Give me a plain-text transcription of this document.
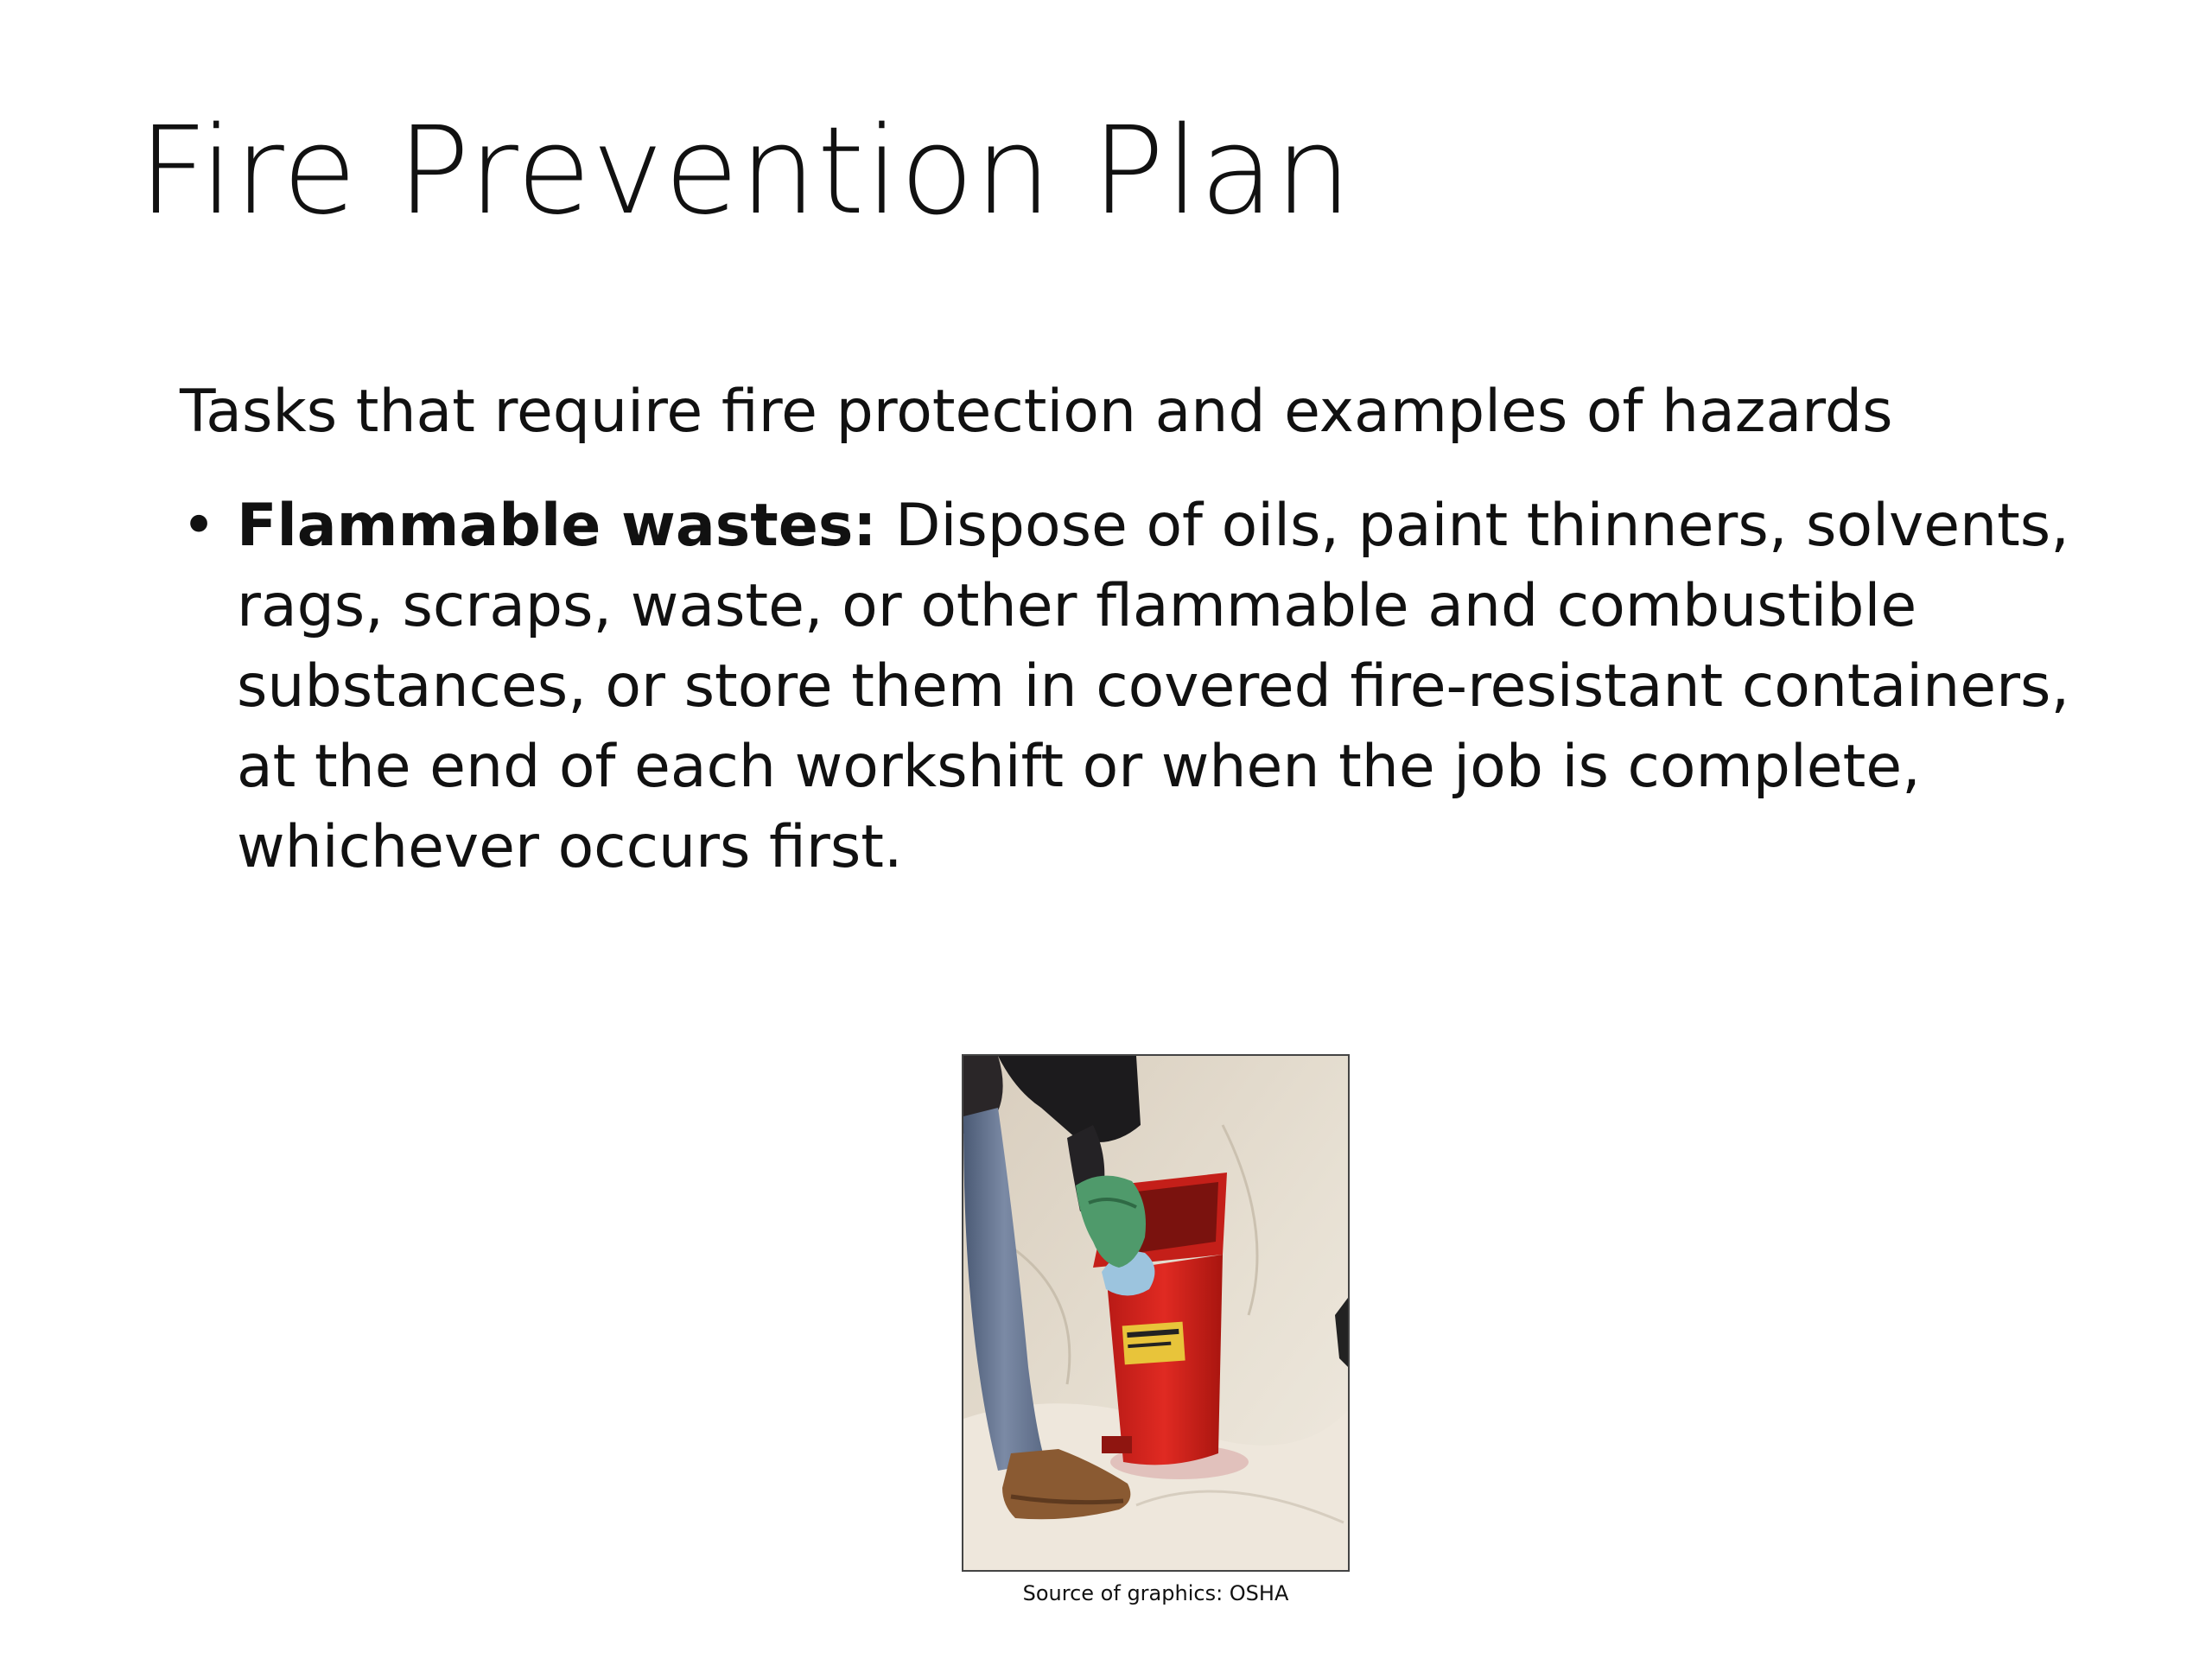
Fire Prevention Plan
Tasks that require fire protection and examples of hazards
• Flammable wastes: Dispose of oils, paint thinners, solvents, rags, scraps, waste, or other flammable and combustible substances, or store them in covered fire-resistant containers, at the end of each workshift or when the job is complete, whichever occurs first.
Source of graphics: OSHA
